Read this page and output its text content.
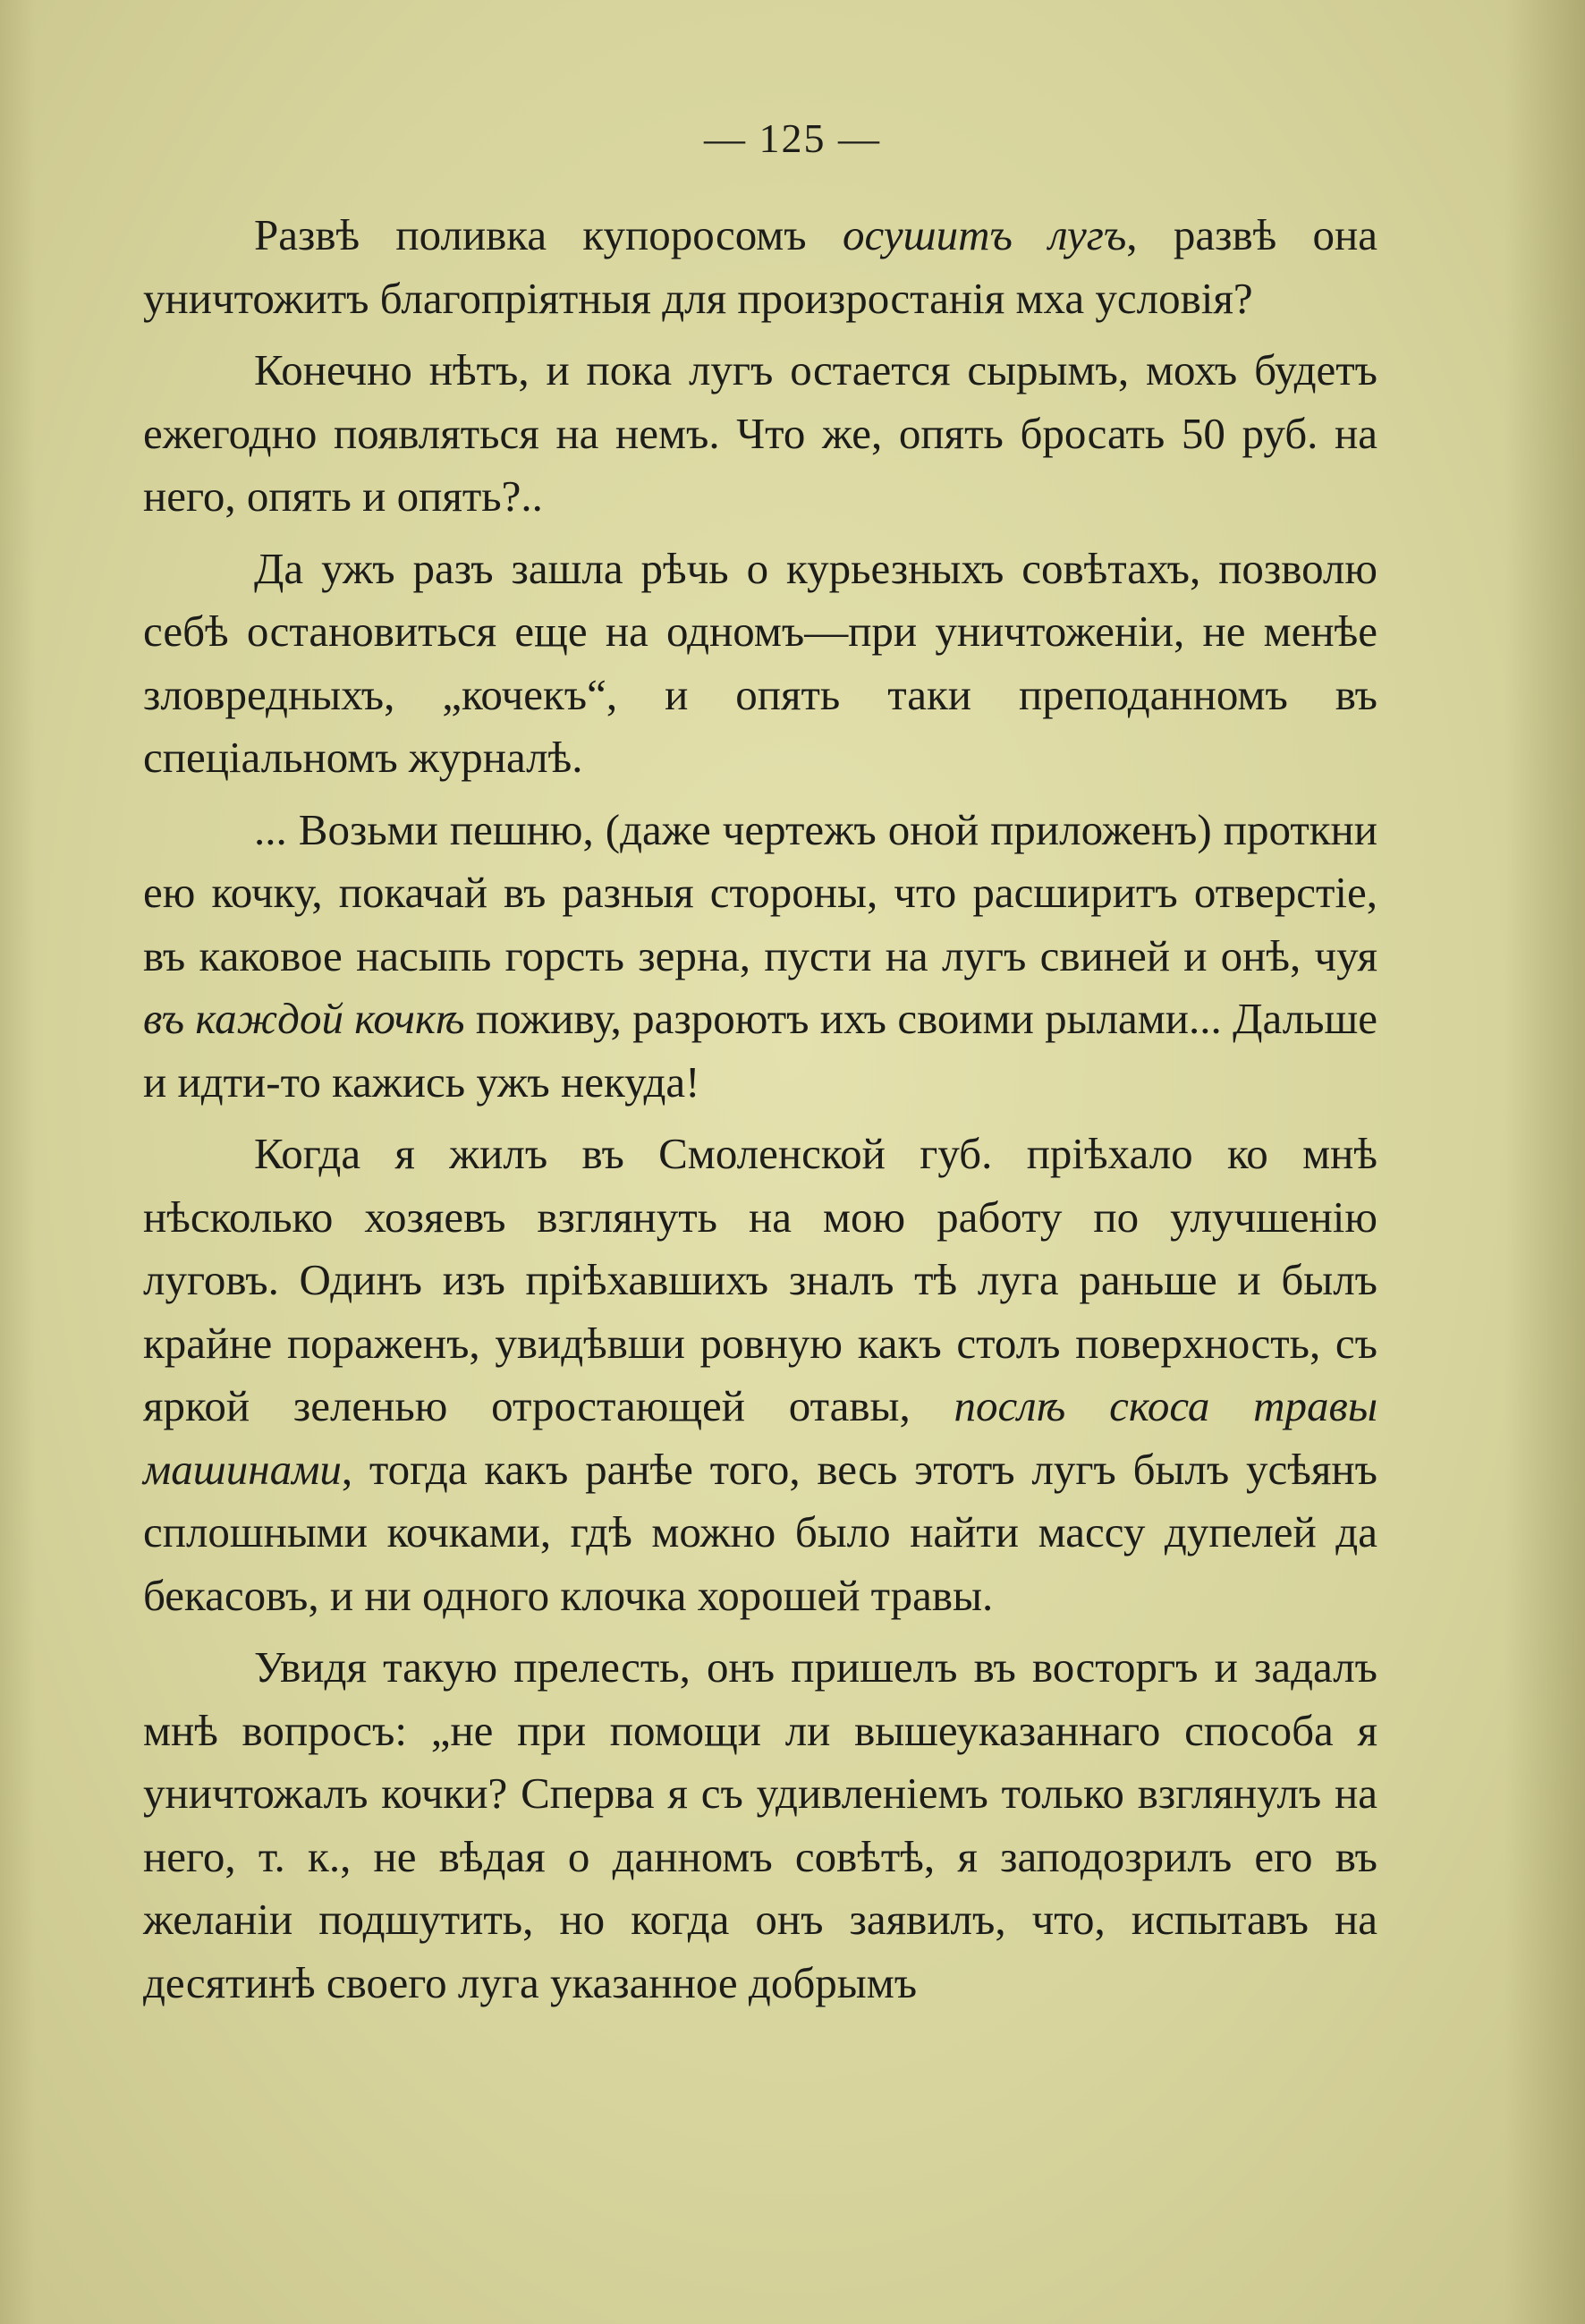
— 125 —

Развѣ поливка купоросомъ осушитъ лугъ, развѣ она уничтожитъ благопріятныя для произростанія мха условія?

Конечно нѣтъ, и пока лугъ остается сырымъ, мохъ будетъ ежегодно появляться на немъ. Что же, опять бросать 50 руб. на него, опять и опять?..

Да ужъ разъ зашла рѣчь о курьезныхъ совѣтахъ, позволю себѣ остановиться еще на одномъ—при уничтоженіи, не менѣе зловредныхъ, „кочекъ“, и опять таки преподанномъ въ спеціальномъ журналѣ.

... Возьми пешню, (даже чертежъ оной приложенъ) проткни ею кочку, покачай въ разныя стороны, что расширитъ отверстіе, въ каковое насыпь горсть зерна, пусти на лугъ свиней и онѣ, чуя въ каждой кочкѣ поживу, разроютъ ихъ своими рылами... Дальше и идти-то кажись ужъ некуда!

Когда я жилъ въ Смоленской губ. пріѣхало ко мнѣ нѣсколько хозяевъ взглянуть на мою работу по улучшенію луговъ. Одинъ изъ пріѣхавшихъ зналъ тѣ луга раньше и былъ крайне пораженъ, увидѣвши ровную какъ столъ поверхность, съ яркой зеленью отростающей отавы, послѣ скоса травы машинами, тогда какъ ранѣе того, весь этотъ лугъ былъ усѣянъ сплошными кочками, гдѣ можно было найти массу дупелей да бекасовъ, и ни одного клочка хорошей травы.

Увидя такую прелесть, онъ пришелъ въ восторгъ и задалъ мнѣ вопросъ: „не при помощи ли вышеуказаннаго способа я уничтожалъ кочки? Сперва я съ удивленіемъ только взглянулъ на него, т. к., не вѣдая о данномъ совѣтѣ, я заподозрилъ его въ желаніи подшутить, но когда онъ заявилъ, что, испытавъ на десятинѣ своего луга указанное добрымъ
